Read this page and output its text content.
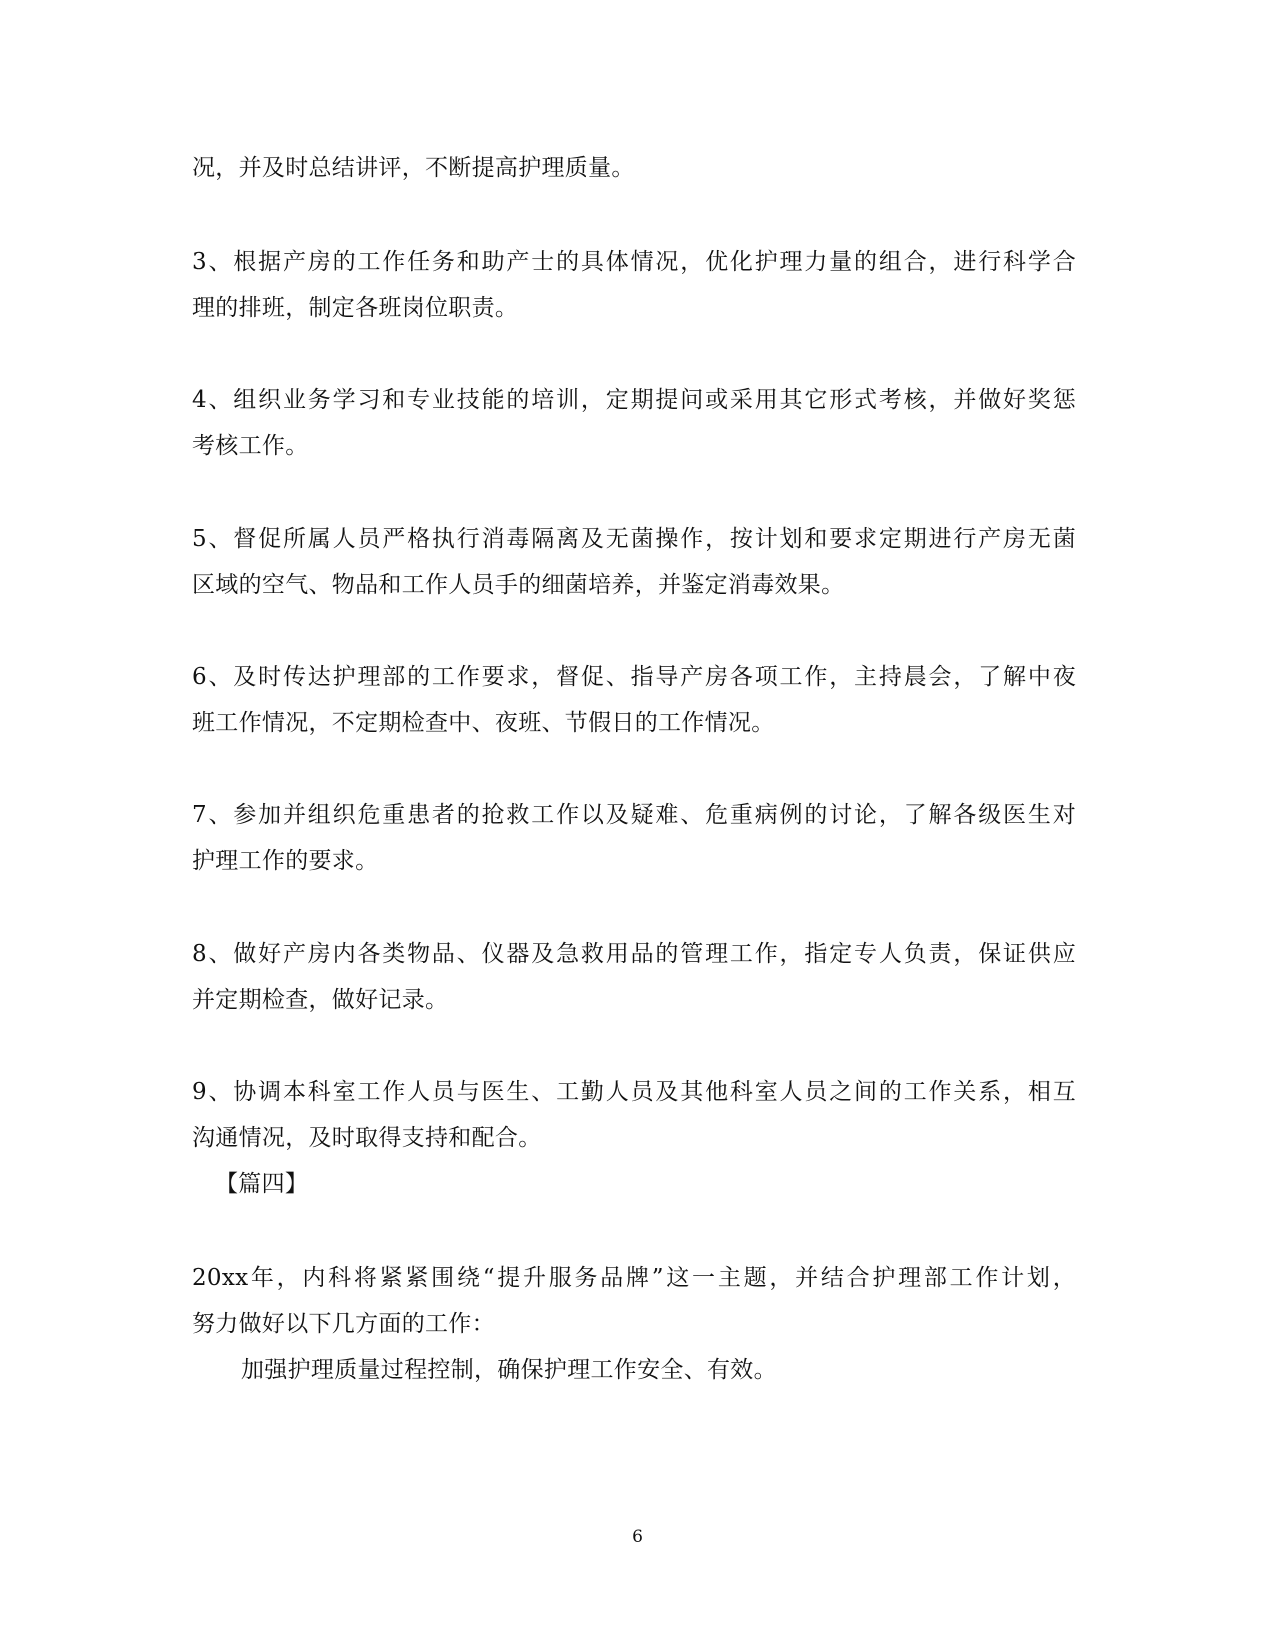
况，并及时总结讲评，不断提高护理质量。
3、根据产房的工作任务和助产士的具体情况，优化护理力量的组合，进行科学合
理的排班，制定各班岗位职责。
4、组织业务学习和专业技能的培训，定期提问或采用其它形式考核，并做好奖惩
考核工作。
5、督促所属人员严格执行消毒隔离及无菌操作，按计划和要求定期进行产房无菌
区域的空气、物品和工作人员手的细菌培养，并鉴定消毒效果。
6、及时传达护理部的工作要求，督促、指导产房各项工作，主持晨会，了解中夜
班工作情况，不定期检查中、夜班、节假日的工作情况。
7、参加并组织危重患者的抢救工作以及疑难、危重病例的讨论，了解各级医生对
护理工作的要求。
8、做好产房内各类物品、仪器及急救用品的管理工作，指定专人负责，保证供应
并定期检查，做好记录。
9、协调本科室工作人员与医生、工勤人员及其他科室人员之间的工作关系，相互
沟通情况，及时取得支持和配合。
【篇四】
20xx年，内科将紧紧围绕“提升服务品牌”这一主题，并结合护理部工作计划，
努力做好以下几方面的工作：
加强护理质量过程控制，确保护理工作安全、有效。
6
